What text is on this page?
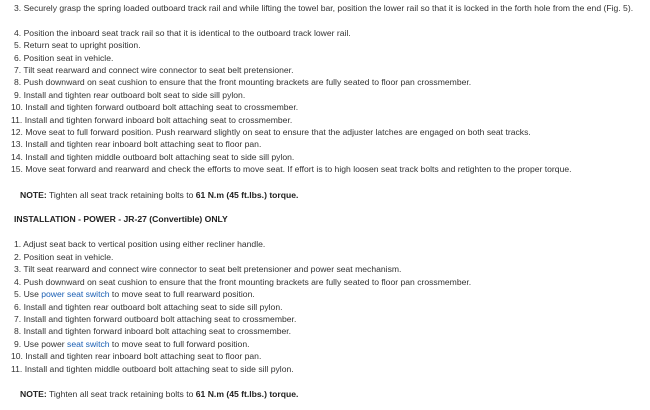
3. Securely grasp the spring loaded outboard track rail and while lifting the towel bar, position the lower rail so that it is locked in the forth hole from the end (Fig. 5).
4. Position the inboard seat track rail so that it is identical to the outboard track lower rail.
5. Return seat to upright position.
6. Position seat in vehicle.
7. Tilt seat rearward and connect wire connector to seat belt pretensioner.
8. Push downward on seat cushion to ensure that the front mounting brackets are fully seated to floor pan crossmember.
9. Install and tighten rear outboard bolt seat to side sill pylon.
10. Install and tighten forward outboard bolt attaching seat to crossmember.
11. Install and tighten forward inboard bolt attaching seat to crossmember.
12. Move seat to full forward position. Push rearward slightly on seat to ensure that the adjuster latches are engaged on both seat tracks.
13. Install and tighten rear inboard bolt attaching seat to floor pan.
14. Install and tighten middle outboard bolt attaching seat to side sill pylon.
15. Move seat forward and rearward and check the efforts to move seat. If effort is to high loosen seat track bolts and retighten to the proper torque.
NOTE: Tighten all seat track retaining bolts to 61 N.m (45 ft.lbs.) torque.
INSTALLATION - POWER - JR-27 (Convertible) ONLY
1. Adjust seat back to vertical position using either recliner handle.
2. Position seat in vehicle.
3. Tilt seat rearward and connect wire connector to seat belt pretensioner and power seat mechanism.
4. Push downward on seat cushion to ensure that the front mounting brackets are fully seated to floor pan crossmember.
5. Use power seat switch to move seat to full rearward position.
6. Install and tighten rear outboard bolt attaching seat to side sill pylon.
7. Install and tighten forward outboard bolt attaching seat to crossmember.
8. Install and tighten forward inboard bolt attaching seat to crossmember.
9. Use power seat switch to move seat to full forward position.
10. Install and tighten rear inboard bolt attaching seat to floor pan.
11. Install and tighten middle outboard bolt attaching seat to side sill pylon.
NOTE: Tighten all seat track retaining bolts to 61 N.m (45 ft.lbs.) torque.
